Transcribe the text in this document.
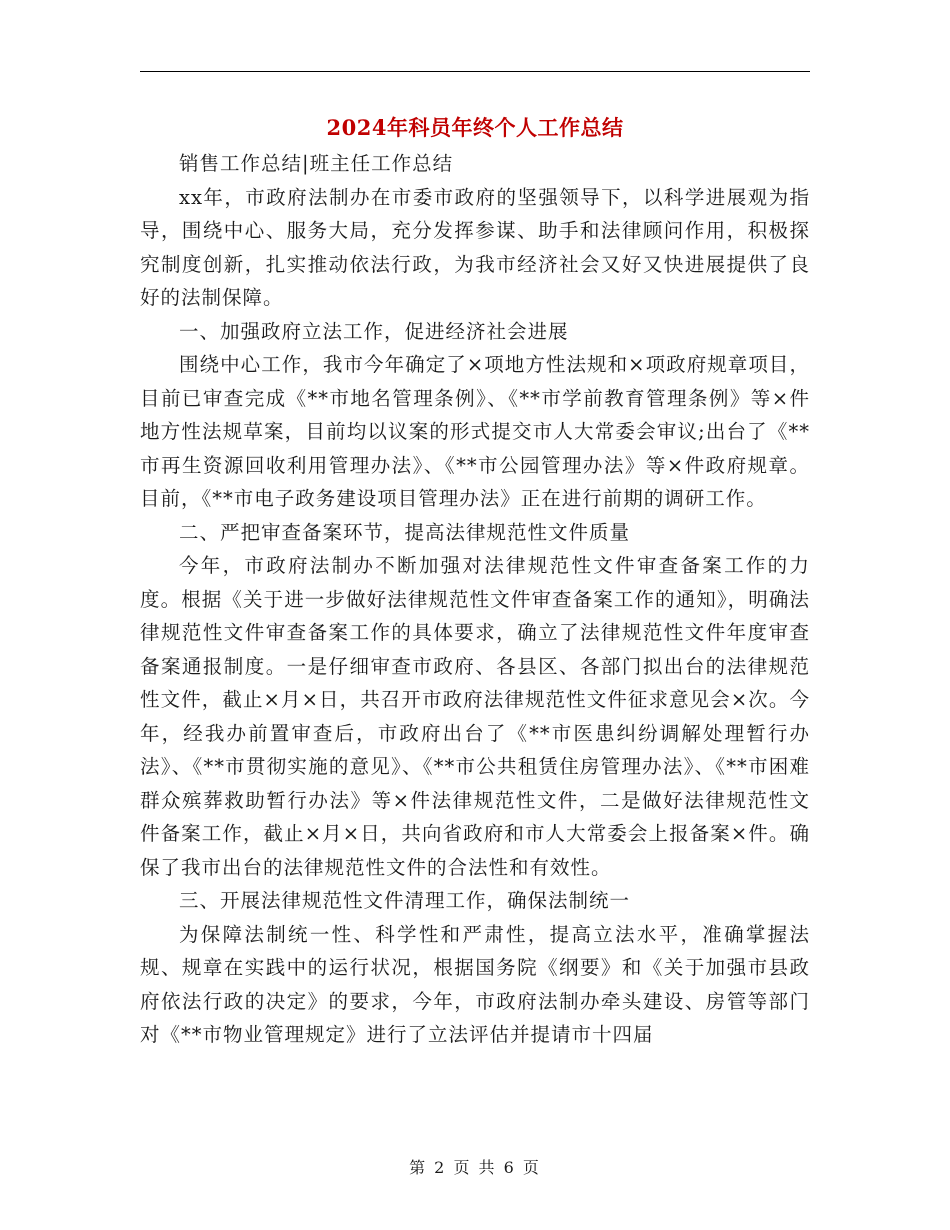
2024年科员年终个人工作总结

销售工作总结|班主任工作总结

xx年，市政府法制办在市委市政府的坚强领导下，以科学进展观为指导，围绕中心、服务大局，充分发挥参谋、助手和法律顾问作用，积极探究制度创新，扎实推动依法行政，为我市经济社会又好又快进展提供了良好的法制保障。

一、加强政府立法工作，促进经济社会进展

围绕中心工作，我市今年确定了×项地方性法规和×项政府规章项目，目前已审查完成《**市地名管理条例》、《**市学前教育管理条例》等×件地方性法规草案，目前均以议案的形式提交市人大常委会审议;出台了《**市再生资源回收利用管理办法》、《**市公园管理办法》等×件政府规章。目前，《**市电子政务建设项目管理办法》正在进行前期的调研工作。

二、严把审查备案环节，提高法律规范性文件质量

今年，市政府法制办不断加强对法律规范性文件审查备案工作的力度。根据《关于进一步做好法律规范性文件审查备案工作的通知》，明确法律规范性文件审查备案工作的具体要求，确立了法律规范性文件年度审查备案通报制度。一是仔细审查市政府、各县区、各部门拟出台的法律规范性文件，截止×月×日，共召开市政府法律规范性文件征求意见会×次。今年，经我办前置审查后，市政府出台了《**市医患纠纷调解处理暂行办法》、《**市贯彻实施的意见》、《**市公共租赁住房管理办法》、《**市困难群众殡葬救助暂行办法》等×件法律规范性文件，二是做好法律规范性文件备案工作，截止×月×日，共向省政府和市人大常委会上报备案×件。确保了我市出台的法律规范性文件的合法性和有效性。

三、开展法律规范性文件清理工作，确保法制统一

为保障法制统一性、科学性和严肃性，提高立法水平，准确掌握法规、规章在实践中的运行状况，根据国务院《纲要》和《关于加强市县政府依法行政的决定》的要求，今年，市政府法制办牵头建设、房管等部门对《**市物业管理规定》进行了立法评估并提请市十四届

第 2 页 共 6 页
